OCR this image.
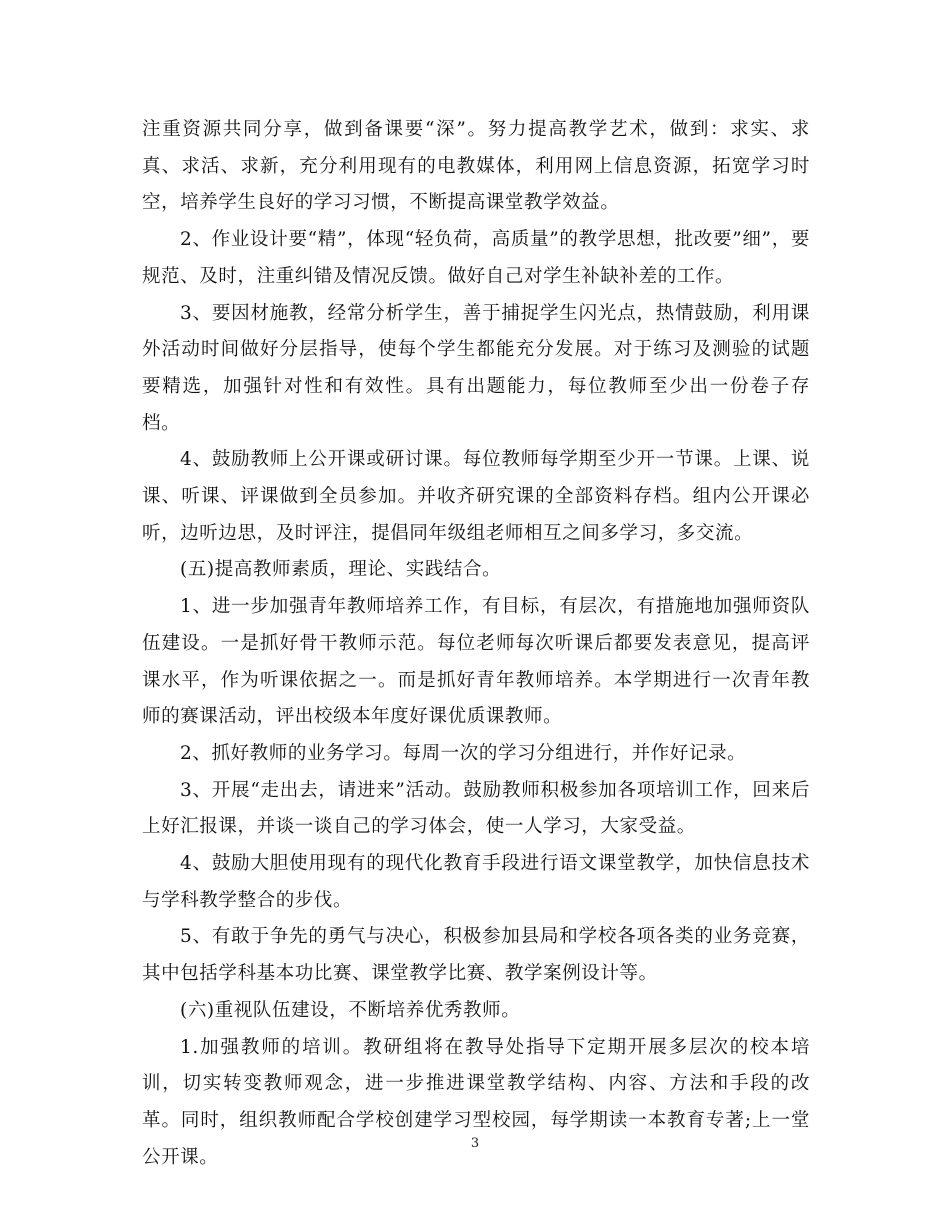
注重资源共同分享，做到备课要“深”。努力提高教学艺术，做到：求实、求真、求活、求新，充分利用现有的电教媒体，利用网上信息资源，拓宽学习时空，培养学生良好的学习习惯，不断提高课堂教学效益。

2、作业设计要“精”，体现“轻负荷，高质量”的教学思想，批改要”细”，要规范、及时，注重纠错及情况反馈。做好自己对学生补缺补差的工作。

3、要因材施教，经常分析学生，善于捕捉学生闪光点，热情鼓励，利用课外活动时间做好分层指导，使每个学生都能充分发展。对于练习及测验的试题要精选，加强针对性和有效性。具有出题能力，每位教师至少出一份卷子存档。

4、鼓励教师上公开课或研讨课。每位教师每学期至少开一节课。上课、说课、听课、评课做到全员参加。并收齐研究课的全部资料存档。组内公开课必听，边听边思，及时评注，提倡同年级组老师相互之间多学习，多交流。

(五)提高教师素质，理论、实践结合。

1、进一步加强青年教师培养工作，有目标，有层次，有措施地加强师资队伍建设。一是抓好骨干教师示范。每位老师每次听课后都要发表意见，提高评课水平，作为听课依据之一。而是抓好青年教师培养。本学期进行一次青年教师的赛课活动，评出校级本年度好课优质课教师。

2、抓好教师的业务学习。每周一次的学习分组进行，并作好记录。

3、开展“走出去，请进来”活动。鼓励教师积极参加各项培训工作，回来后上好汇报课，并谈一谈自己的学习体会，使一人学习，大家受益。

4、鼓励大胆使用现有的现代化教育手段进行语文课堂教学，加快信息技术与学科教学整合的步伐。

5、有敢于争先的勇气与决心，积极参加县局和学校各项各类的业务竞赛，其中包括学科基本功比赛、课堂教学比赛、教学案例设计等。

(六)重视队伍建设，不断培养优秀教师。

1.加强教师的培训。教研组将在教导处指导下定期开展多层次的校本培训，切实转变教师观念，进一步推进课堂教学结构、内容、方法和手段的改革。同时，组织教师配合学校创建学习型校园，每学期读一本教育专著;上一堂公开课。

3
